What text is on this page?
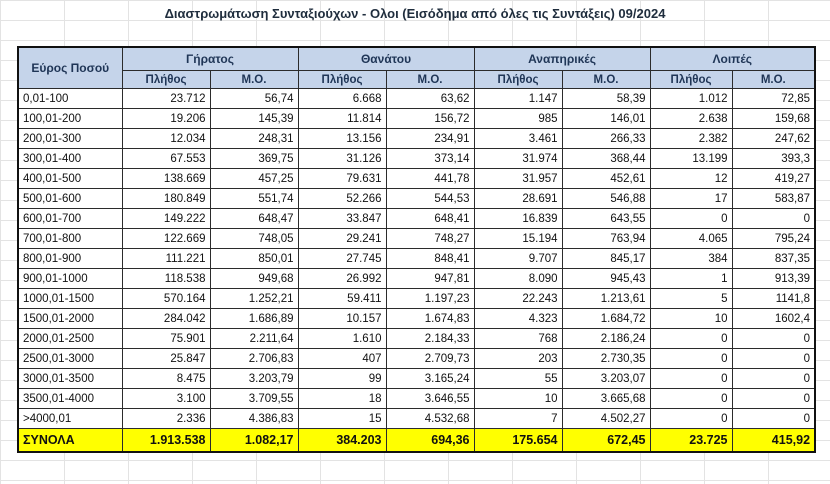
Διαστρωμάτωση Συνταξιούχων - Ολοι (Εισόδημα από όλες τις Συντάξεις) 09/2024
Εύρος Ποσού	Γήρατος		Θανάτου		Αναπηρικές		Λοιπές	
	Πλήθος	Μ.Ο.	Πλήθος	Μ.Ο.	Πλήθος	Μ.Ο.	Πλήθος	Μ.Ο.
0,01-100	23.712	56,74	6.668	63,62	1.147	58,39	1.012	72,85
100,01-200	19.206	145,39	11.814	156,72	985	146,01	2.638	159,68
200,01-300	12.034	248,31	13.156	234,91	3.461	266,33	2.382	247,62
300,01-400	67.553	369,75	31.126	373,14	31.974	368,44	13.199	393,3
400,01-500	138.669	457,25	79.631	441,78	31.957	452,61	12	419,27
500,01-600	180.849	551,74	52.266	544,53	28.691	546,88	17	583,87
600,01-700	149.222	648,47	33.847	648,41	16.839	643,55	0	0
700,01-800	122.669	748,05	29.241	748,27	15.194	763,94	4.065	795,24
800,01-900	111.221	850,01	27.745	848,41	9.707	845,17	384	837,35
900,01-1000	118.538	949,68	26.992	947,81	8.090	945,43	1	913,39
1000,01-1500	570.164	1.252,21	59.411	1.197,23	22.243	1.213,61	5	1141,8
1500,01-2000	284.042	1.686,89	10.157	1.674,83	4.323	1.684,72	10	1602,4
2000,01-2500	75.901	2.211,64	1.610	2.184,33	768	2.186,24	0	0
2500,01-3000	25.847	2.706,83	407	2.709,73	203	2.730,35	0	0
3000,01-3500	8.475	3.203,79	99	3.165,24	55	3.203,07	0	0
3500,01-4000	3.100	3.709,55	18	3.646,55	10	3.665,68	0	0
>4000,01	2.336	4.386,83	15	4.532,68	7	4.502,27	0	0
ΣΥΝΟΛΑ	1.913.538	1.082,17	384.203	694,36	175.654	672,45	23.725	415,92
